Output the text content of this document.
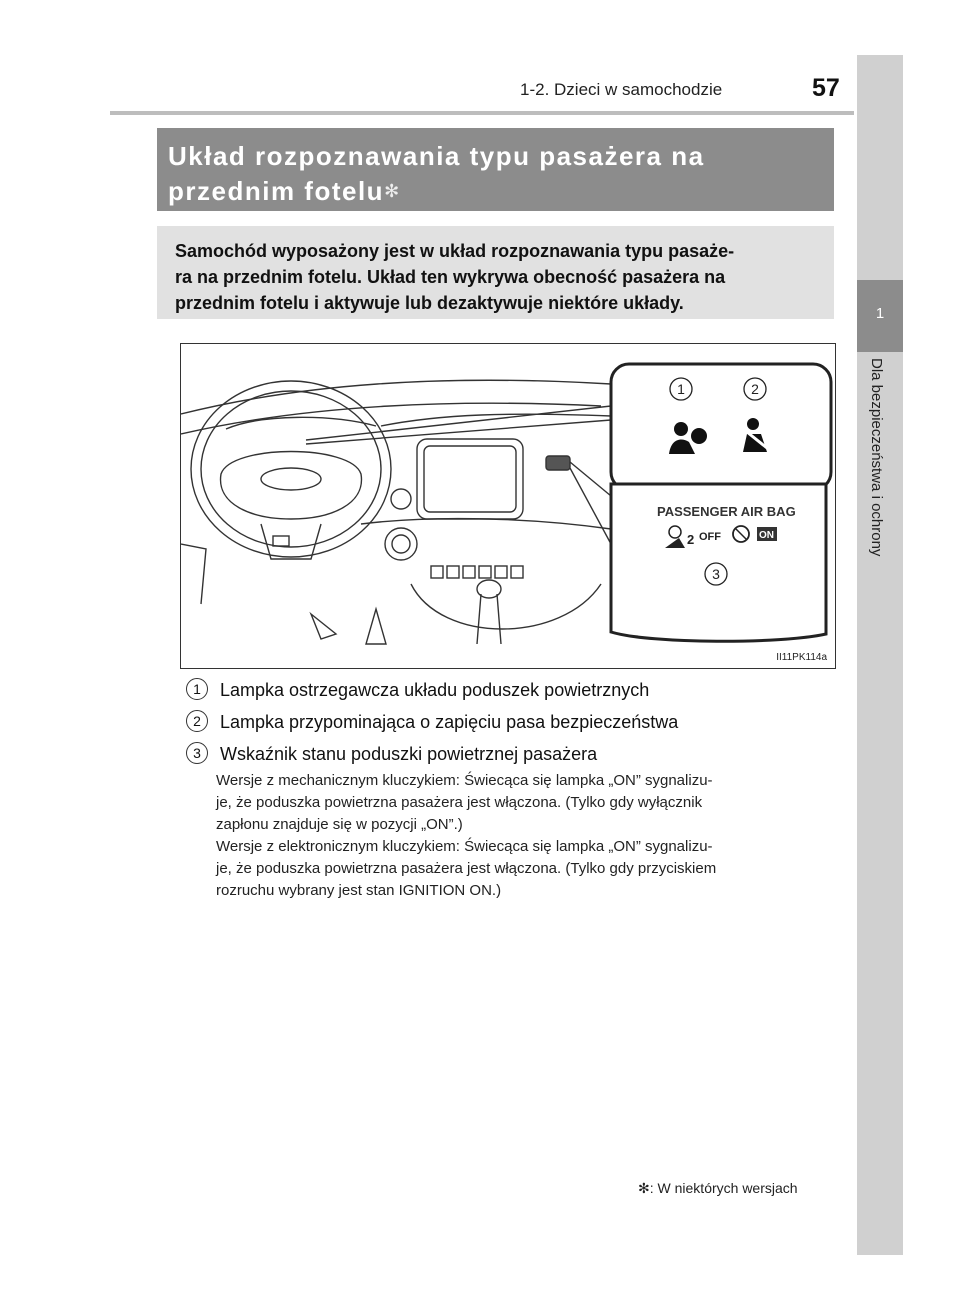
1-2. Dzieci w samochodzie	57
1
Dla bezpieczeństwa i ochrony
Układ rozpoznawania typu pasażera na
przednim fotelu✻
Samochód wyposażony jest w układ rozpoznawania typu pasaże-
ra na przednim fotelu. Układ ten wykrywa obecność pasażera na
przednim fotelu i aktywuje lub dezaktywuje niektóre układy.
PASSENGER AIR BAG
2 OFF	ON
1	2
3
II11PK114a
1 Lampka ostrzegawcza układu poduszek powietrznych
2 Lampka przypominająca o zapięciu pasa bezpieczeństwa
3 Wskaźnik stanu poduszki powietrznej pasażera
Wersje z mechanicznym kluczykiem: Świecąca się lampka „ON” sygnalizu-
je, że poduszka powietrzna pasażera jest włączona. (Tylko gdy wyłącznik
zapłonu znajduje się w pozycji „ON”.)
Wersje z elektronicznym kluczykiem: Świecąca się lampka „ON” sygnalizu-
je, że poduszka powietrzna pasażera jest włączona. (Tylko gdy przyciskiem
rozruchu wybrany jest stan IGNITION ON.)
✻: W niektórych wersjach
